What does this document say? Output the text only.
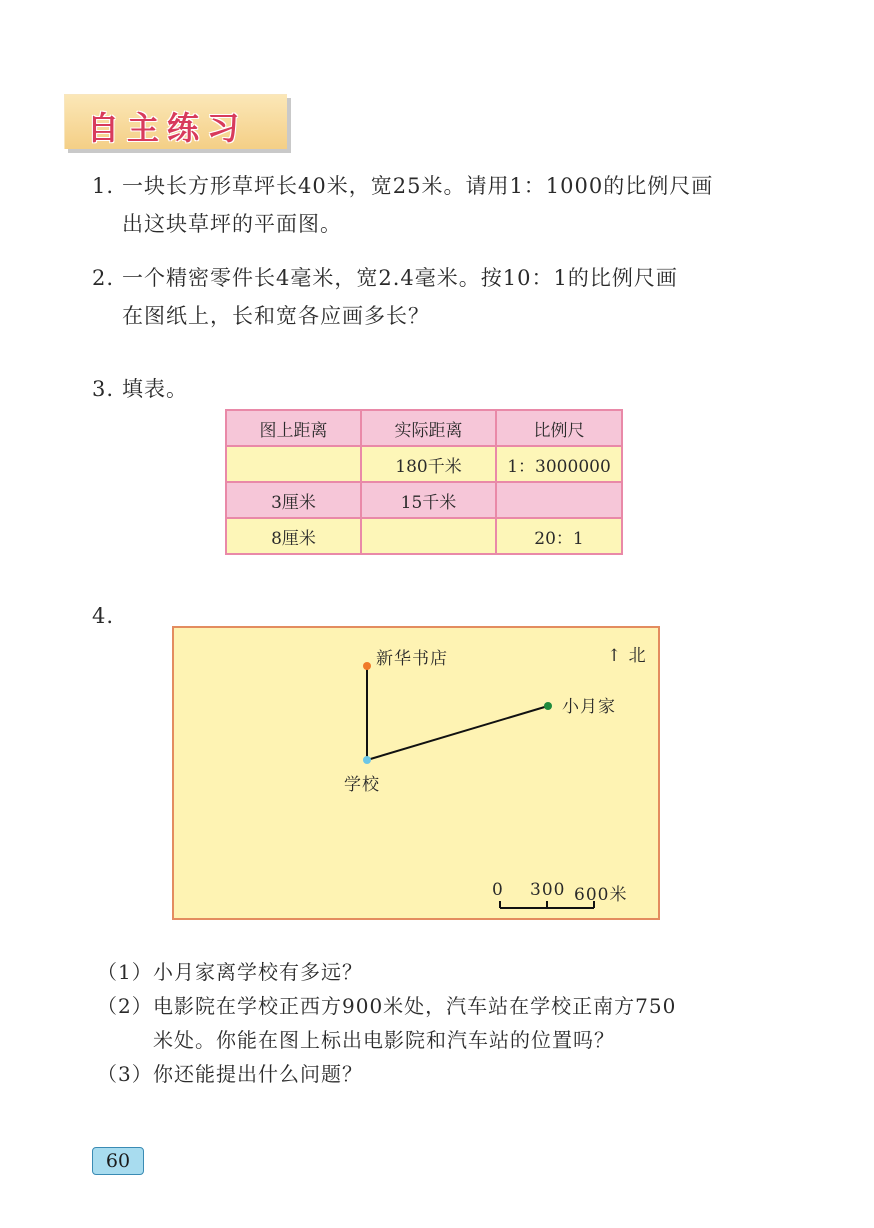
自主练习
1. 一块长方形草坪长40米，宽25米。请用1：1000的比例尺画
出这块草坪的平面图。
2. 一个精密零件长4毫米，宽2.4毫米。按10：1的比例尺画
在图纸上，长和宽各应画多长？
3. 填表。
图上距离	实际距离	比例尺
	180千米	1：3000000
3厘米	15千米	
8厘米		20：1
4.
新华书店
小月家
学校
↑ 北
0 300 600米
（1）小月家离学校有多远？
（2）电影院在学校正西方900米处，汽车站在学校正南方750
米处。你能在图上标出电影院和汽车站的位置吗？
（3）你还能提出什么问题？
60
